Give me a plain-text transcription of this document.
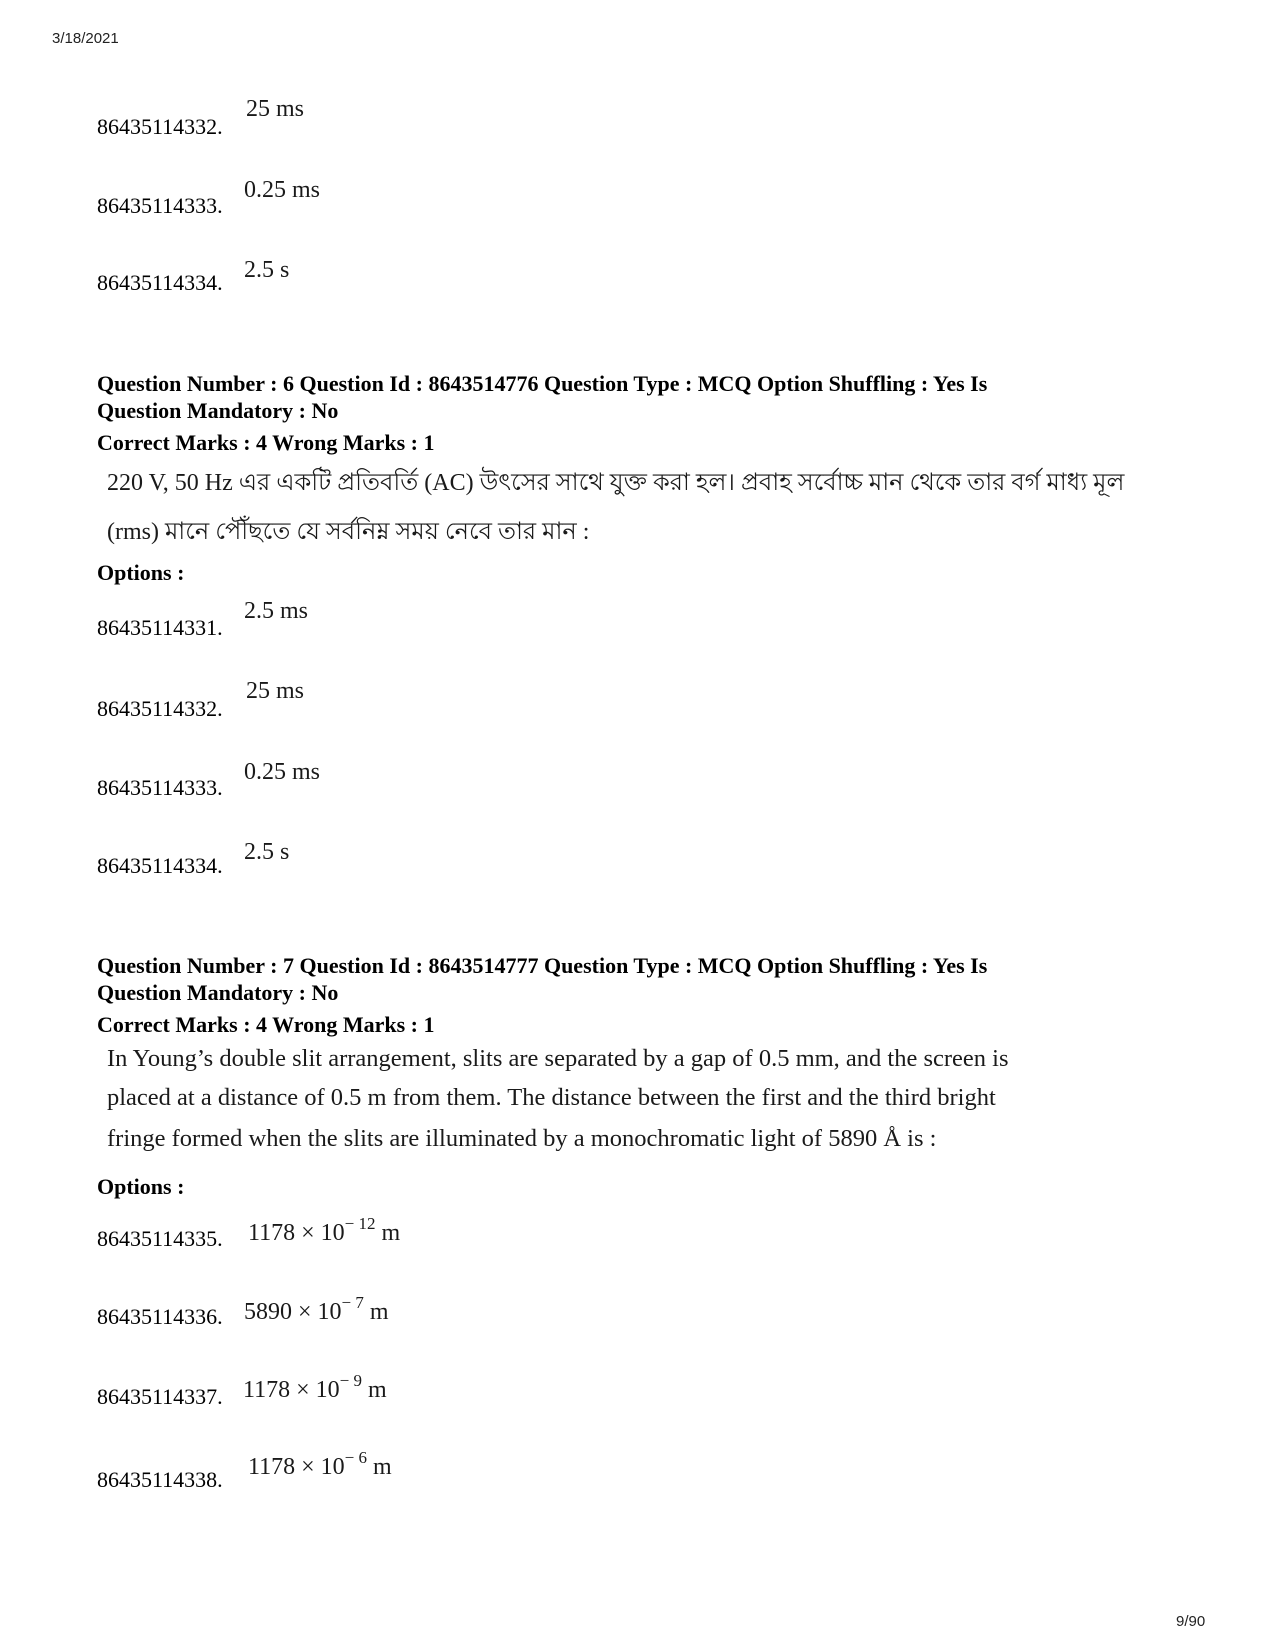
3/18/2021
9/90
86435114332.
25 ms
86435114333.
0.25 ms
86435114334. 2.5 s
Question Number : 6 Question Id : 8643514776 Question Type : MCQ Option Shuffling : Yes Is
Question Mandatory : No
Correct Marks : 4 Wrong Marks : 1
220 V, 50 Hz এর একটি প্রতিবর্তি (AC) উৎসের সাথে যুক্ত করা হল। প্রবাহ সর্বোচ্চ মান থেকে তার বর্গ মাধ্য মূল
(rms) মানে পৌঁছতে যে সর্বনিম্ন সময় নেবে তার মান :
Options :
86435114331.
2.5 ms
86435114332.
25 ms
86435114333.
0.25 ms
86435114334.
2.5 s
Question Number : 7 Question Id : 8643514777 Question Type : MCQ Option Shuffling : Yes Is
Question Mandatory : No
Correct Marks : 4 Wrong Marks : 1
In Young’s double slit arrangement, slits are separated by a gap of 0.5 mm, and the screen is
placed at a distance of 0.5 m from them. The distance between the first and the third bright
fringe formed when the slits are illuminated by a monochromatic light of 5890 Å is :
Options :
86435114335. $1178 \times 10^{- 12}$ m
86435114336. $5890 \times 10^{- 7}$ m
86435114337. $1178 \times 10^{- 9}$ m
86435114338. $1178 \times 10^{- 6}$ m
